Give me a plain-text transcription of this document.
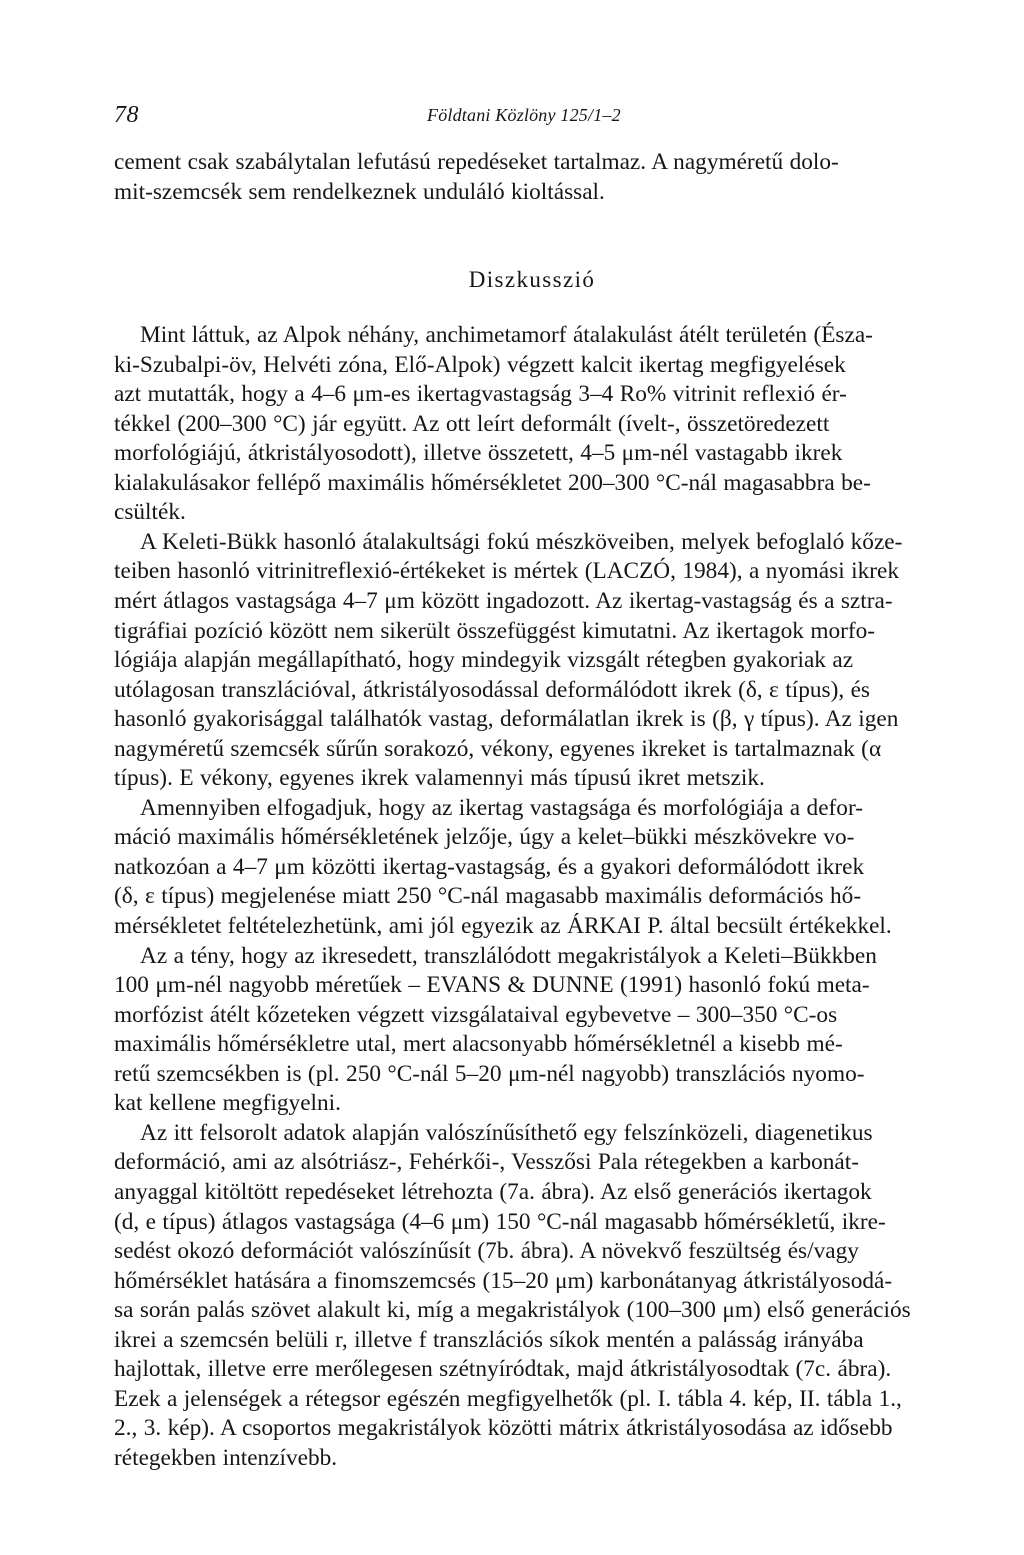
78	Földtani Közlöny 125/1–2

cement csak szabálytalan lefutású repedéseket tartalmaz. A nagyméretű dolo-
mit-szemcsék sem rendelkeznek unduláló kioltással.

Diszkusszió

Mint láttuk, az Alpok néhány, anchimetamorf átalakulást átélt területén (Észa-
ki-Szubalpi-öv, Helvéti zóna, Elő-Alpok) végzett kalcit ikertag megfigyelések
azt mutatták, hogy a 4–6 μm-es ikertagvastagság 3–4 Ro% vitrinit reflexió ér-
tékkel (200–300 °C) jár együtt. Az ott leírt deformált (ívelt-, összetöredezett
morfológiájú, átkristályosodott), illetve összetett, 4–5 μm-nél vastagabb ikrek
kialakulásakor fellépő maximális hőmérsékletet 200–300 °C-nál magasabbra be-
csülték.

A Keleti-Bükk hasonló átalakultsági fokú mészköveiben, melyek befoglaló kőze-
teiben hasonló vitrinitreflexió-értékeket is mértek (LACZÓ, 1984), a nyomási ikrek
mért átlagos vastagsága 4–7 μm között ingadozott. Az ikertag-vastagság és a sztra-
tigráfiai pozíció között nem sikerült összefüggést kimutatni. Az ikertagok morfo-
lógiája alapján megállapítható, hogy mindegyik vizsgált rétegben gyakoriak az
utólagosan transzlációval, átkristályosodással deformálódott ikrek (δ, ε típus), és
hasonló gyakorisággal találhatók vastag, deformálatlan ikrek is (β, γ típus). Az igen
nagyméretű szemcsék sűrűn sorakozó, vékony, egyenes ikreket is tartalmaznak (α
típus). E vékony, egyenes ikrek valamennyi más típusú ikret metszik.

Amennyiben elfogadjuk, hogy az ikertag vastagsága és morfológiája a defor-
máció maximális hőmérsékletének jelzője, úgy a kelet–bükki mészkövekre vo-
natkozóan a 4–7 μm közötti ikertag-vastagság, és a gyakori deformálódott ikrek
(δ, ε típus) megjelenése miatt 250 °C-nál magasabb maximális deformációs hő-
mérsékletet feltételezhetünk, ami jól egyezik az ÁRKAI P. által becsült értékekkel.

Az a tény, hogy az ikresedett, transzlálódott megakristályok a Keleti–Bükkben
100 μm-nél nagyobb méretűek – EVANS & DUNNE (1991) hasonló fokú meta-
morfózist átélt kőzeteken végzett vizsgálataival egybevetve – 300–350 °C-os
maximális hőmérsékletre utal, mert alacsonyabb hőmérsékletnél a kisebb mé-
retű szemcsékben is (pl. 250 °C-nál 5–20 μm-nél nagyobb) transzlációs nyomo-
kat kellene megfigyelni.

Az itt felsorolt adatok alapján valószínűsíthető egy felszínközeli, diagenetikus
deformáció, ami az alsótriász-, Fehérkői-, Vesszősi Pala rétegekben a karbonát-
anyaggal kitöltött repedéseket létrehozta (7a. ábra). Az első generációs ikertagok
(d, e típus) átlagos vastagsága (4–6 μm) 150 °C-nál magasabb hőmérsékletű, ikre-
sedést okozó deformációt valószínűsít (7b. ábra). A növekvő feszültség és/vagy
hőmérséklet hatására a finomszemcsés (15–20 μm) karbonátanyag átkristályosodá-
sa során palás szövet alakult ki, míg a megakristályok (100–300 μm) első generációs
ikrei a szemcsén belüli r, illetve f transzlációs síkok mentén a palásság irányába
hajlottak, illetve erre merőlegesen szétnyíródtak, majd átkristályosodtak (7c. ábra).
Ezek a jelenségek a rétegsor egészén megfigyelhetők (pl. I. tábla 4. kép, II. tábla 1.,
2., 3. kép). A csoportos megakristályok közötti mátrix átkristályosodása az idősebb
rétegekben intenzívebb.
